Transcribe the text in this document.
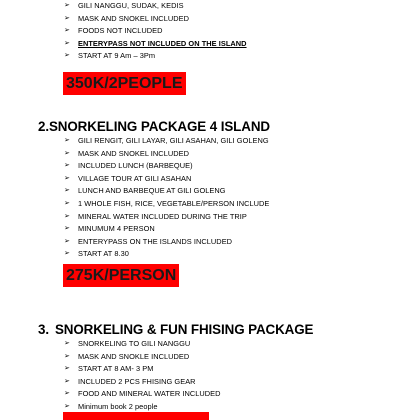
➢ GILI NANGGU, SUDAK, KEDIS
➢ MASK AND SNOKEL INCLUDED
➢ FOODS NOT INCLUDED
➢ ENTERYPASS NOT INCLUDED ON THE ISLAND
➢ START AT 9 Am – 3Pm
350K/2PEOPLE
2.SNORKELING PACKAGE 4 ISLAND
➢ GILI RENGIT, GILI LAYAR, GILI ASAHAN, GILI GOLENG
➢ MASK AND SNOKEL INCLUDED
➢ INCLUDED LUNCH (BARBEQUE)
➢ VILLAGE TOUR AT GILI ASAHAN
➢ LUNCH AND BARBEQUE AT GILI GOLENG
➢ 1 WHOLE FISH, RICE, VEGETABLE/PERSON INCLUDE
➢ MINERAL WATER INCLUDED DURING THE TRIP
➢ MINUMUM 4 PERSON
➢ ENTERYPASS ON THE ISLANDS INCLUDED
➢ START AT 8.30
275K/PERSON
3. SNORKELING & FUN FHISING PACKAGE
➢ SNORKELING TO GILI NANGGU
➢ MASK AND SNOKLE INCLUDED
➢ START AT 8 AM- 3 PM
➢ INCLUDED 2 PCS FHISING GEAR
➢ FOOD AND MINERAL WATER INCLUDED
➢ Minimum book 2 people
